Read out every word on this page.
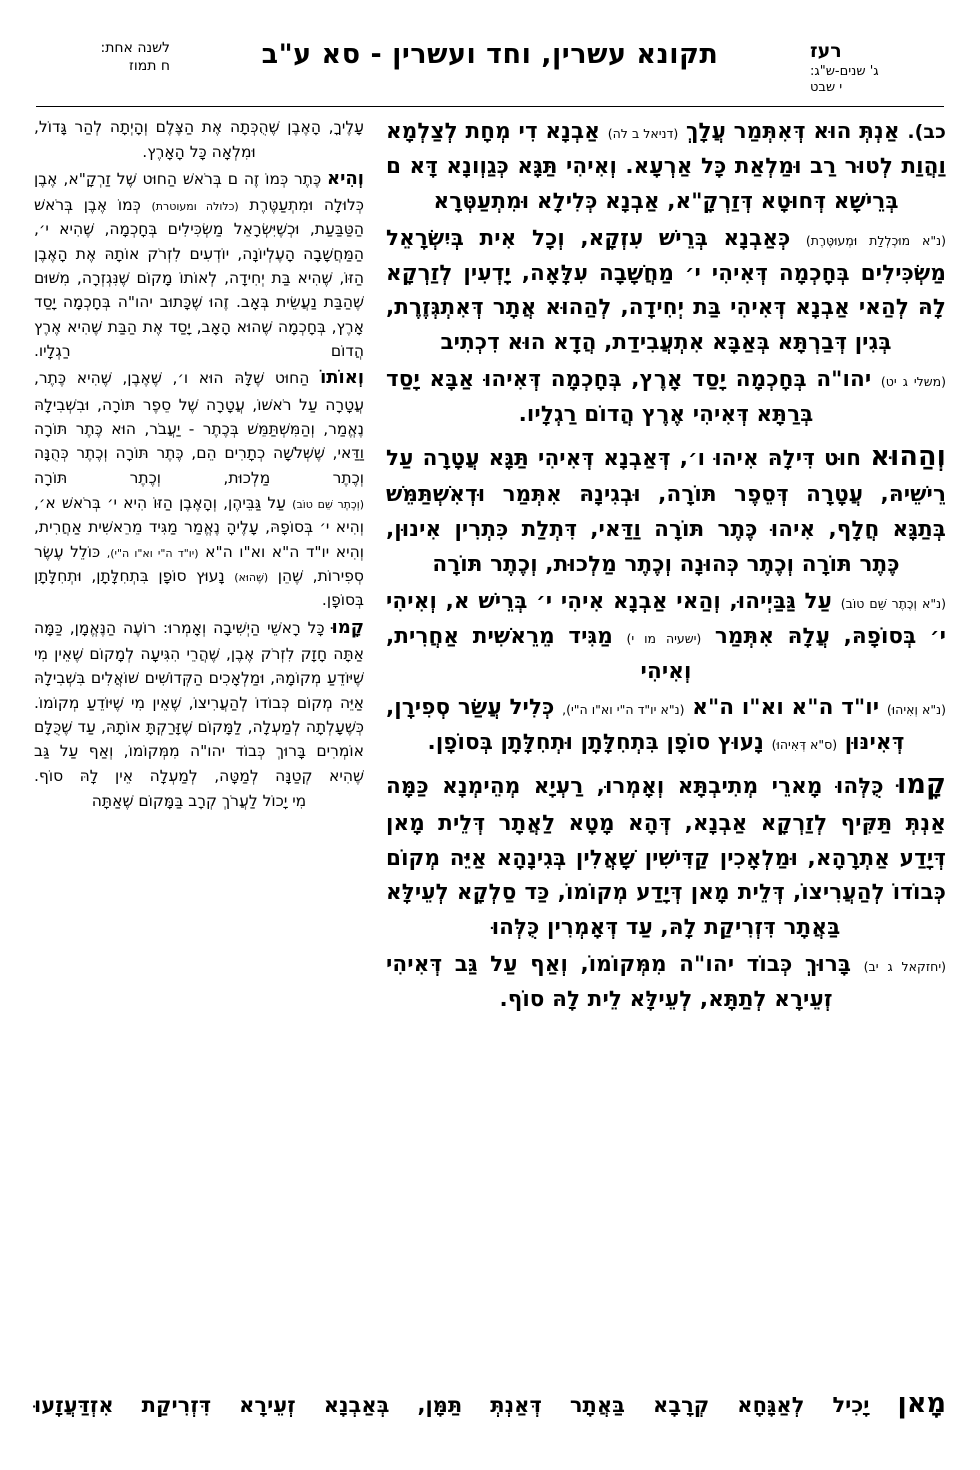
לשנה אחת:
ח תמוז	תקונא עשרין, וחד ועשרין - סא ע"ב	רעז
ג' שנים-ש"ג:
י שבט

כב). אַנְתְּ הוּא דְּאִתְּמַר עֲלָךְ (דניאל ב לה) אַבְנָא דִי מְחָת לְצַלְמָא וַהֲוַת לְטוּר רַב וּמַלְאַת כָּל אַרְעָא. וְאִיהִי תַּגָּא כְּגַוְונָא דָּא ם בְּרֵישָׁא דְּחוּטָא דְּזַרְקָ"א, אַבְנָא כְּלִילָא וּמִתְעַטְּרָא

(נ"א מוּכְלְלַת וּמְעוּטֶּרֶת) כְּאַבְנָא בְּרֵישׁ עִזְקָא, וְכָל אִית בְּיִשְׂרָאֵל מַשְׂכִּילִים בְּחָכְמָה דְּאִיהִי י׳ מַחֲשָׁבָה עִלָּאָה, יָדְעִין לְזַרְקָא לָהּ לְהַאי אַבְנָא דְּאִיהִי בַּת יְחִידָה, לְהַהוּא אֲתָר דְּאִתְגְּזֶרֶת, בְּגִין דְּבַרְתָּא בְּאַבָּא אִתְעֲבִידַת, הֲדָא הוּא דִכְתִיב

(משלי ג יט) יהו"ה בְּחָכְמָה יָסַד אָרֶץ, בְּחָכְמָה דְּאִיהוּ אַבָּא יָסַד בְּרַתָּא דְּאִיהִי אֶרֶץ הֲדוֹם רַגְלָיו.

וְהַהוּא חוּט דִּילָהּ אִיהוּ ו׳, דְּאַבְנָא דְּאִיהִי תַּגָּא עֲטָרָה עַל רֵישֵׁיהּ, עֲטָרָה דְּסֵפֶר תּוֹרָה, וּבְגִינָהּ אִתְּמַר וּדְאִשְׁתַּמֵּשׁ בְּתַגָּא חֲלָף, אִיהוּ כֶּתֶר תּוֹרָה וַדַּאי, דִּתְלַת כִּתְרִין אִינוּן, כֶּתֶר תּוֹרָה וְכֶתֶר כְּהוּנָה וְכֶתֶר מַלְכוּת, וְכֶתֶר תּוֹרָה

(נ"א וְכֶתֶר שֵׁם טוֹב) עַל גַּבַּיְיהוּ, וְהַאי אַבְנָא אִיהִי י׳ בְּרֵישׁ א, וְאִיהִי י׳ בְּסוֹפָהּ, עֲלָהּ אִתְּמַר (ישעיה מו י) מַגִּיד מֵרֵאשִׁית אַחֲרִית, וְאִיהִי

(נ"א וְאִיהוּ) יו"ד ה"א וא"ו ה"א (נ"א יו"ד ה"י וא"ו ה"י), כְּלִיל עֲשַׂר סְפִירָן, דְּאִינּוּן (ס"א דְּאִיהוּ) נָעוּץ סוֹפָן בִּתְחִלָּתָן וּתְחִלָּתָן בְּסוֹפָן.

קָמוּ כֻּלְּהוּ מָארֵי מְתִיבְתָּא וְאָמְרוּ, רַעְיָא מְהֵימְנָא כַּמָּה אַנְתְּ תַּקִּיף לְזַרְקָא אַבְנָא, דְּהָא מָטָא לַאֲתָר דְּלֵית מָאן דְּיָדַע אַתְרָהָא, וּמַלְאָכִין קַדִּישִׁין שָׁאֲלִין בְּגִינָהָא אַיֵּה מְקוֹם כְּבוֹדוֹ לְהַעֲרִיצוֹ, דְּלֵית מָאן דְּיָדַע מְקוֹמוֹ, כַּד סַלְקָא לְעֵילָּא בַּאֲתָר דִּזְרִיקַת לָהּ, עַד דְּאָמְרִין כֻּלְּהוּ

(יחזקאל ג יב) בָּרוּךְ כְּבוֹד יהו"ה מִמְּקוֹמוֹ, וְאַף עַל גַּב דְּאִיהִי זְעֵירָא לְתַתָּא, לְעֵילָּא לֵית לָהּ סוֹף.

עָלֶיךָ, הָאֶבֶן שֶׁהֻכְּתָה אֶת הַצֶּלֶם וְהָיְתָה לְהַר גָּדוֹל, וּמִלְאָה כָּל הָאָרֶץ.

וְהִיא כֶּתֶר כְּמוֹ זֶה ם בְּרֹאשׁ הַחוּט שֶׁל זַרְקָ"א, אֶבֶן כְּלוּלָה וּמִתְעַטֶּרֶת (כלולה ומעוטרת) כְּמוֹ אֶבֶן בְּרֹאשׁ הַטַּבַּעַת, וּכְשֶׁיִּשְׂרָאֵל מַשְׂכִּילִים בְּחָכְמָה, שֶׁהִיא י׳, הַמַּחֲשָׁבָה הָעֶלְיוֹנָה, יוֹדְעִים לִזְרֹק אוֹתָהּ אֶת הָאֶבֶן הַזּוֹ, שֶׁהִיא בַּת יְחִידָה, לְאוֹתוֹ מָקוֹם שֶׁנִּגְזְרָה, מִשּׁוּם שֶׁהַבַּת נַעֲשֵׂית בְּאָב. זֶהוּ שֶׁכָּתוּב יהו"ה בְּחָכְמָה יָסַד אָרֶץ, בְּחָכְמָה שֶׁהוּא הָאָב, יָסַד אֶת הַבַּת שֶׁהִיא אֶרֶץ הֲדוֹם רַגְלָיו.

וְאוֹתוֹ הַחוּט שֶׁלָּהּ הוּא ו׳, שֶׁאֶבֶן, שֶׁהִיא כֶּתֶר, עֲטָרָה עַל רֹאשׁוֹ, עֲטָרָה שֶׁל סֵפֶר תּוֹרָה, וּבִשְׁבִילָהּ נֶאֱמַר, וְהַמִּשְׁתַּמֵּשׁ בְּכֶתֶר - יַעֲבֹר, הוּא כֶּתֶר תּוֹרָה וַדַּאי, שֶׁשְּׁלֹשָׁה כְתָרִים הֵם, כֶּתֶר תּוֹרָה וְכֶתֶר כְּהֻנָּה וְכֶתֶר מַלְכוּת, וְכֶתֶר תּוֹרָה

(וְכֶתֶר שֵׁם טוֹב) עַל גַּבֵּיהֶן, וְהָאֶבֶן הַזּוֹ הִיא י׳ בְּרֹאשׁ א׳, וְהִיא י׳ בְּסוֹפָהּ, עָלֶיהָ נֶאֱמַר מַגִּיד מֵרֵאשִׁית אַחֲרִית, וְהִיא יו"ד ה"א וא"ו ה"א (יו"ד ה"י וא"ו ה"י), כּוֹלֵל עֶשֶׂר סְפִירוֹת, שֶׁהֵן (שֶׁהוּא) נָעוּץ סוֹפָן בִּתְחִלָּתָן, וּתְחִלָּתָן בְּסוֹפָן.

קָמוּ כָּל רָאשֵׁי הַיְשִׁיבָה וְאָמְרוּ: רוֹעֶה הַנֶּאֱמָן, כַּמָּה אַתָּה חָזָק לִזְרֹק אֶבֶן, שֶׁהֲרֵי הִגִּיעָה לְמָקוֹם שֶׁאֵין מִי שֶׁיּוֹדֵעַ מְקוֹמָהּ, וּמַלְאָכִים הַקְּדוֹשִׁים שׁוֹאֲלִים בִּשְׁבִילָהּ אַיֵּה מְקוֹם כְּבוֹדוֹ לְהַעֲרִיצוֹ, שֶׁאֵין מִי שֶׁיּוֹדֵעַ מְקוֹמוֹ. כְּשֶׁעָלְתָה לְמַעְלָה, לַמָּקוֹם שֶׁזָּרַקְתָּ אוֹתָהּ, עַד שֶׁכֻּלָּם אוֹמְרִים בָּרוּךְ כְּבוֹד יהו"ה מִמְּקוֹמוֹ, וְאַף עַל גַּב שֶׁהִיא קְטַנָּה לְמַטָּה, לְמַעְלָה אֵין לָהּ סוֹף.

מִי יָכוֹל לַעֲרֹךְ קְרָב בַּמָּקוֹם שֶׁאַתָּה

מָאן יָכִיל לְאַגָּחָא קְרָבָא בַּאֲתָר דְּאַנְתְּ תַּמָּן, בְּאַבְנָא זְעֵירָא דִּזְרִיקַת אִזְדַּעֲזָעוּ
